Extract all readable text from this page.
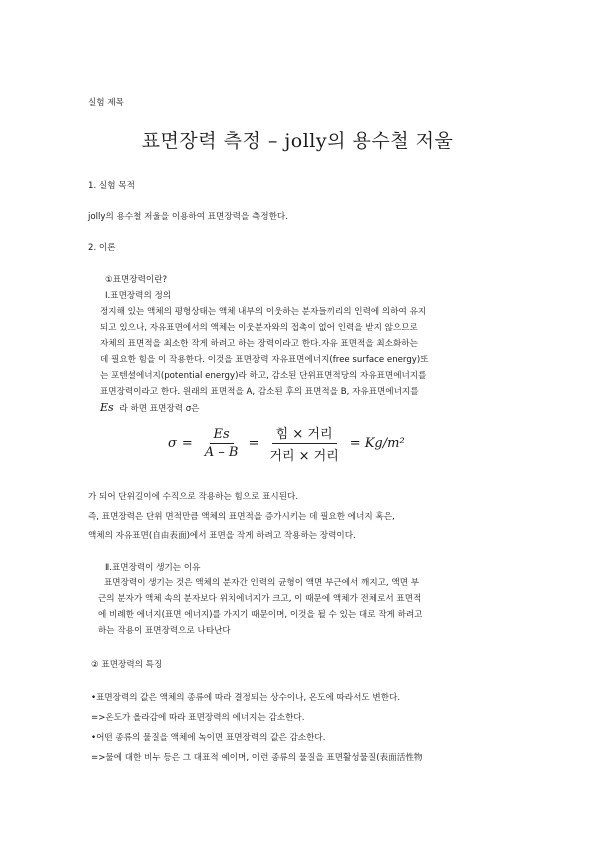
실험 제목
표면장력 측정 – jolly의 용수철 저울
1. 실험 목적
jolly의 용수철 저울을 이용하여 표면장력을 측정한다.
2. 이론
①표면장력이란?
Ⅰ.표면장력의 정의
정지해 있는 액체의 평형상태는 액체 내부의 이웃하는 분자들끼리의 인력에 의하여 유지
되고 있으나, 자유표면에서의 액체는 이웃분자와의 접촉이 없어 인력을 받지 않으므로
자체의 표면적을 최소한 작게 하려고 하는 장력이라고 한다.자유 표면적을 최소화하는
데 필요한 힘을 이 작용한다. 이것을 표면장력 자유표면에너지(free surface energy)또
는 포텐셜에너지(potential energy)라 하고, 감소된 단위표면적당의 자유표면에너지를
표면장력이라고 한다. 원래의 표면적을 A, 감소된 후의 표면적을 B, 자유표면에너지를
Es 라 하면 표면장력 σ은
$\sigma = \frac{Es}{A - B} = \frac{\text{힘 × 거리}}{\text{거리 × 거리}} = Kg/m^2$
가 되어 단위길이에 수직으로 작용하는 힘으로 표시된다.
즉, 표면장력은 단위 면적만큼 액체의 표면적을 증가시키는 데 필요한 에너지 혹은,
액체의 자유표면(自由表面)에서 표면을 작게 하려고 작용하는 장력이다.
Ⅱ.표면장력이 생기는 이유
표면장력이 생기는 것은 액체의 분자간 인력의 균형이 액면 부근에서 깨지고, 액면 부
근의 분자가 액체 속의 분자보다 위치에너지가 크고, 이 때문에 액체가 전체로서 표면적
에 비례한 에너지(표면 에너지)를 가지기 때문이며, 이것을 될 수 있는 대로 작게 하려고
하는 작용이 표면장력으로 나타난다
② 표면장력의 특징
•표면장력의 값은 액체의 종류에 따라 결정되는 상수이나, 온도에 따라서도 변한다.
=>온도가 올라감에 따라 표면장력의 에너지는 감소한다.
•어떤 종류의 물질을 액체에 녹이면 표면장력의 값은 감소한다.
=>물에 대한 비누 등은 그 대표적 예이며, 이런 종류의 물질을 표면활성물질(表面活性物
